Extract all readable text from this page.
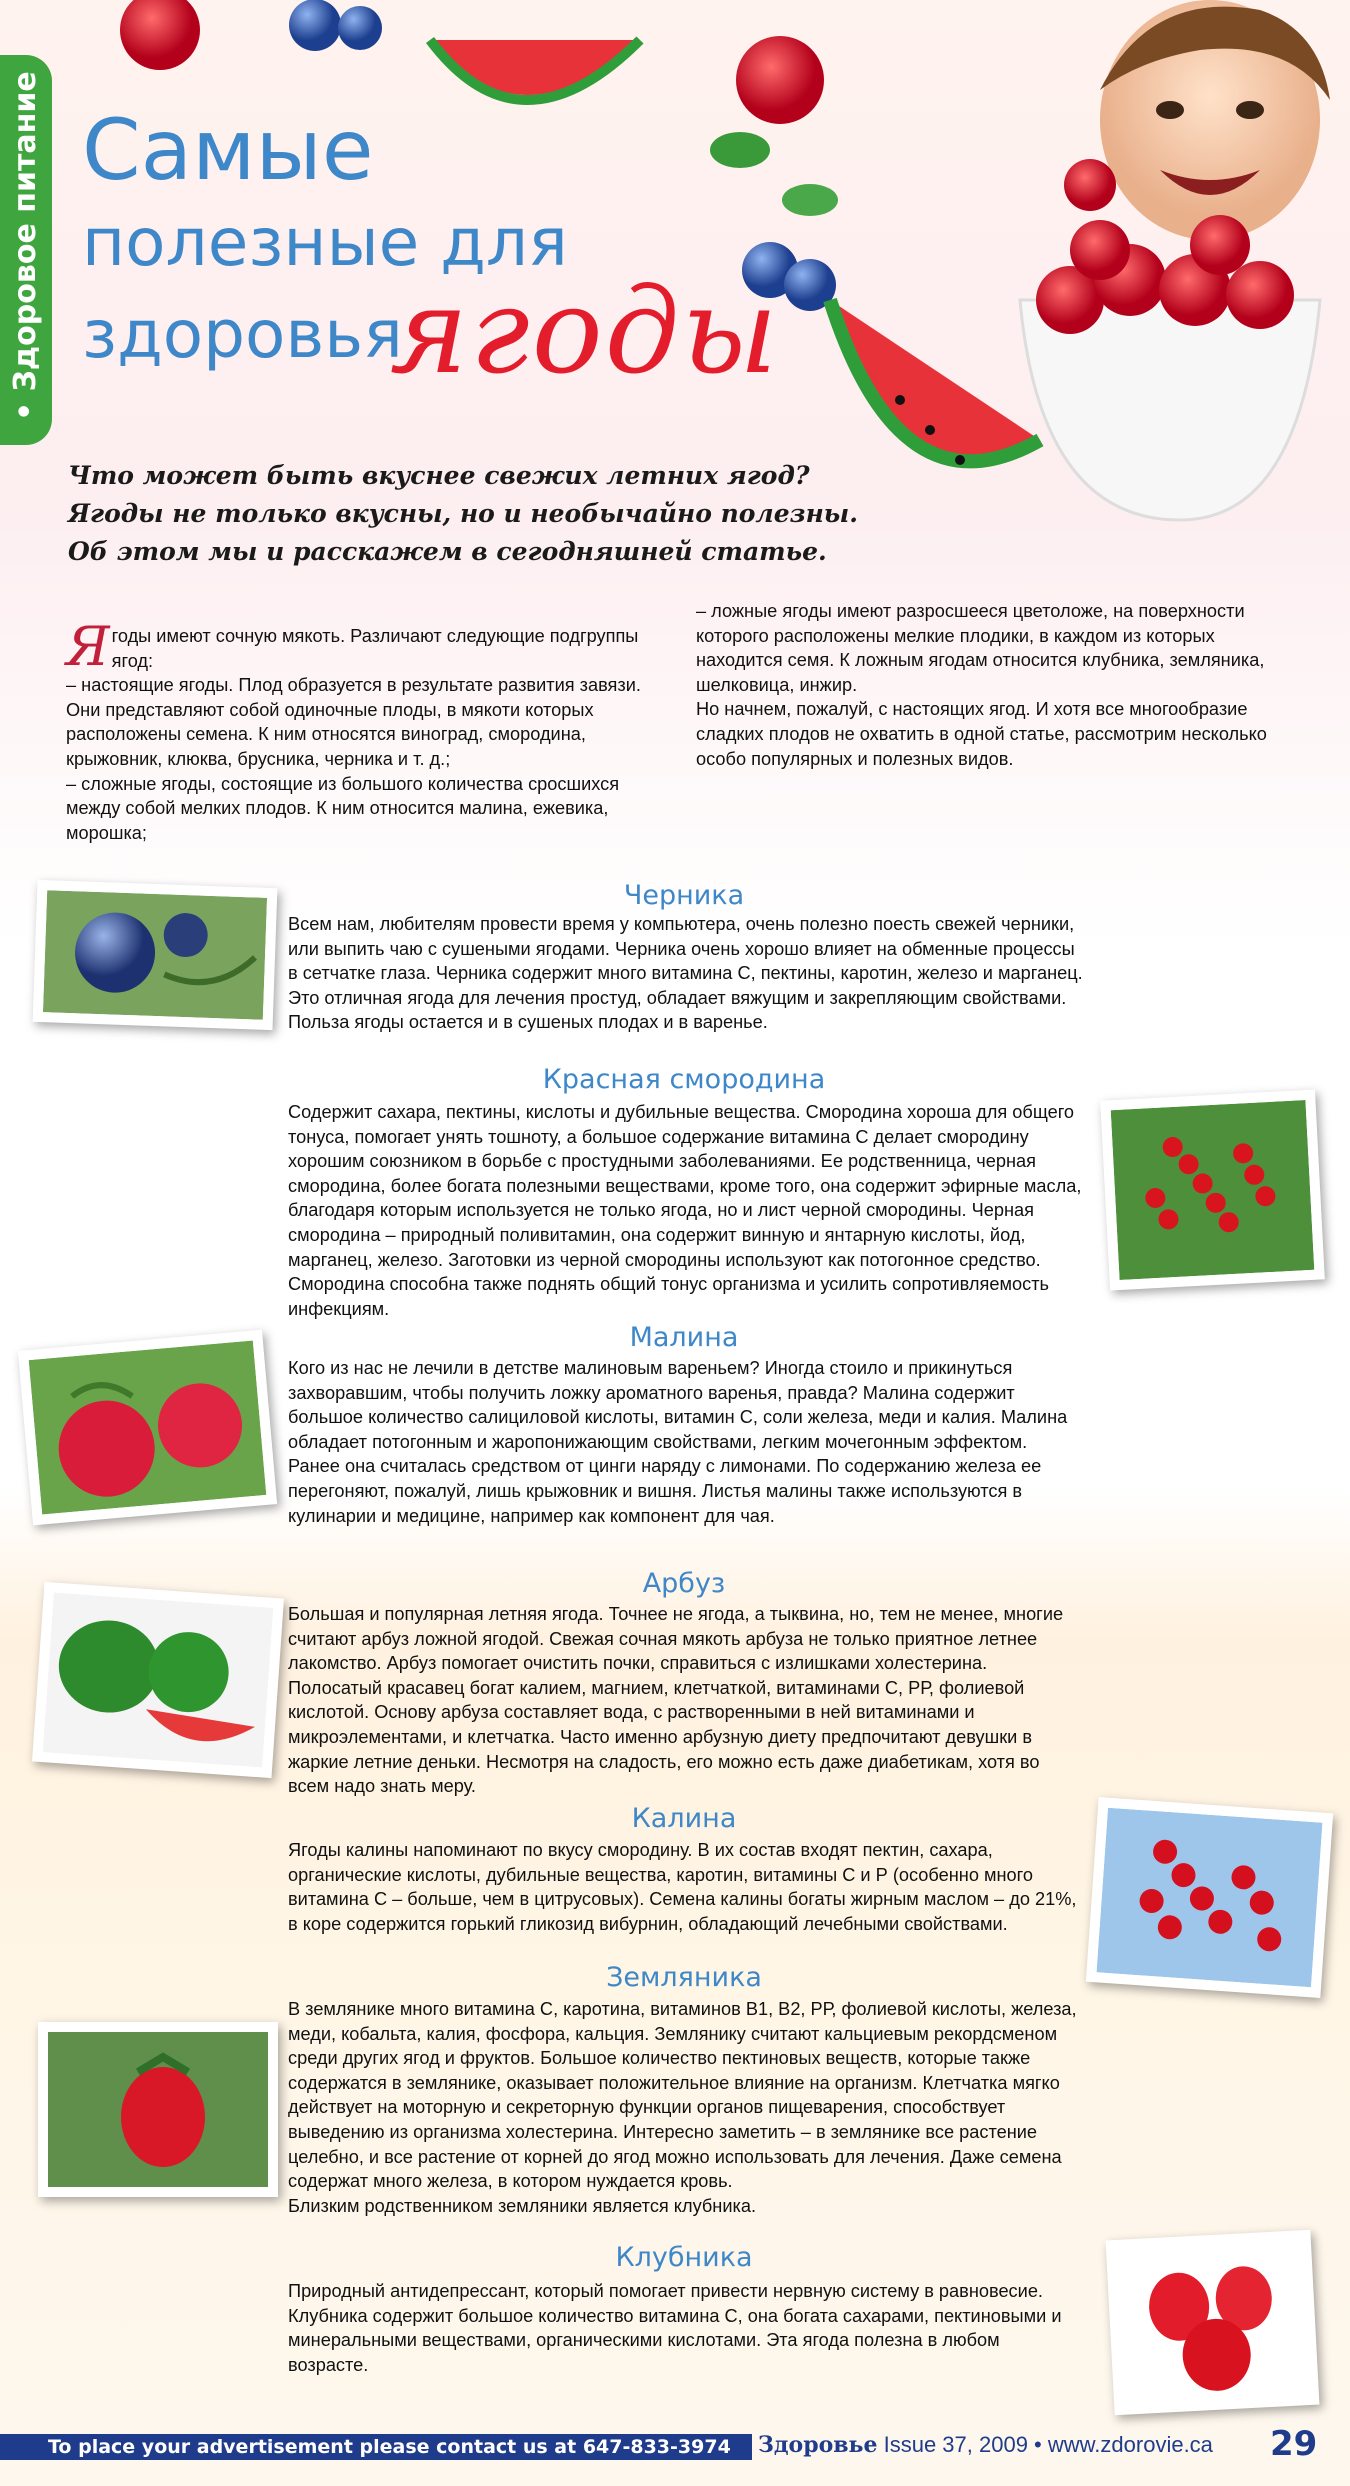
• Здоровое питание Самые
полезные для
здоровья
ягоды
Что может быть вкуснее свежих летних ягод? Ягоды не только вкусны, но и необычайно полезны. Об этом мы и расскажем в сегодняшней статье.
Ягоды имеют сочную мякоть. Различают следующие подгруппы ягод:
– настоящие ягоды. Плод образуется в результате развития завязи. Они представляют собой одиночные плоды, в мякоти которых расположены семена. К ним относятся виноград, смородина, крыжовник, клюква, брусника, черника и т. д.;
– сложные ягоды, состоящие из большого количества сросшихся между собой мелких плодов. К ним относится малина, ежевика, морошка;
– ложные ягоды имеют разросшееся цветоложе, на поверхности которого расположены мелкие плодики, в каждом из которых находится семя. К ложным ягодам относится клубника, земляника, шелковица, инжир.
Но начнем, пожалуй, с настоящих ягод. И хотя все многообразие сладких плодов не охватить в одной статье, рассмотрим несколько особо популярных и полезных видов.
Черника
Всем нам, любителям провести время у компьютера, очень полезно поесть свежей черники, или выпить чаю с сушеными ягодами. Черника очень хорошо влияет на обменные процессы в сетчатке глаза. Черника содержит много витамина С, пектины, каротин, железо и марганец. Это отличная ягода для лечения простуд, обладает вяжущим и закрепляющим свойствами. Польза ягоды остается и в сушеных плодах и в варенье.
Красная смородина
Содержит сахара, пектины, кислоты и дубильные вещества. Смородина хороша для общего тонуса, помогает унять тошноту, а большое содержание витамина С делает смородину хорошим союзником в борьбе с простудными заболеваниями. Ее родственница, черная смородина, более богата полезными веществами, кроме того, она содержит эфирные масла, благодаря которым используется не только ягода, но и лист черной смородины. Черная смородина – природный поливитамин, она содержит винную и янтарную кислоты, йод, марганец, железо. Заготовки из черной смородины используют как потогонное средство. Смородина способна также поднять общий тонус организма и усилить сопротивляемость инфекциям.
Малина
Кого из нас не лечили в детстве малиновым вареньем? Иногда стоило и прикинуться захворавшим, чтобы получить ложку ароматного варенья, правда? Малина содержит большое количество салициловой кислоты, витамин С, соли железа, меди и калия. Малина обладает потогонным и жаропонижающим свойствами, легким мочегонным эффектом. Ранее она считалась средством от цинги наряду с лимонами. По содержанию железа ее перегоняют, пожалуй, лишь крыжовник и вишня. Листья малины также используются в кулинарии и медицине, например как компонент для чая.
Арбуз
Большая и популярная летняя ягода. Точнее не ягода, а тыквина, но, тем не менее, многие считают арбуз ложной ягодой. Свежая сочная мякоть арбуза не только приятное летнее лакомство. Арбуз помогает очистить почки, справиться с излишками холестерина. Полосатый красавец богат калием, магнием, клетчаткой, витаминами С, РР, фолиевой кислотой. Основу арбуза составляет вода, с растворенными в ней витаминами и микроэлементами, и клетчатка. Часто именно арбузную диету предпочитают девушки в жаркие летние деньки. Несмотря на сладость, его можно есть даже диабетикам, хотя во всем надо знать меру.
Калина
Ягоды калины напоминают по вкусу смородину. В их состав входят пектин, сахара, органические кислоты, дубильные вещества, каротин, витамины С и Р (особенно много витамина С – больше, чем в цитрусовых). Семена калины богаты жирным маслом – до 21%, в коре содержится горький гликозид вибурнин, обладающий лечебными свойствами.
Земляника
В землянике много витамина С, каротина, витаминов В1, В2, РР, фолиевой кислоты, железа, меди, кобальта, калия, фосфора, кальция. Землянику считают кальциевым рекордсменом среди других ягод и фруктов. Большое количество пектиновых веществ, которые также содержатся в землянике, оказывает положительное влияние на организм. Клетчатка мягко действует на моторную и секреторную функции органов пищеварения, способствует выведению из организма холестерина. Интересно заметить – в землянике все растение целебно, и все растение от корней до ягод можно использовать для лечения. Даже семена содержат много железа, в котором нуждается кровь.
Близким родственником земляники является клубника.
Клубника
Природный антидепрессант, который помогает привести нервную систему в равновесие. Клубника содержит большое количество витамина С, она богата сахарами, пектиновыми и минеральными веществами, органическими кислотами. Эта ягода полезна в любом возрасте.
To place your advertisement please contact us at 647-833-3974	Здоровье Issue 37, 2009 • www.zdorovie.ca 29
